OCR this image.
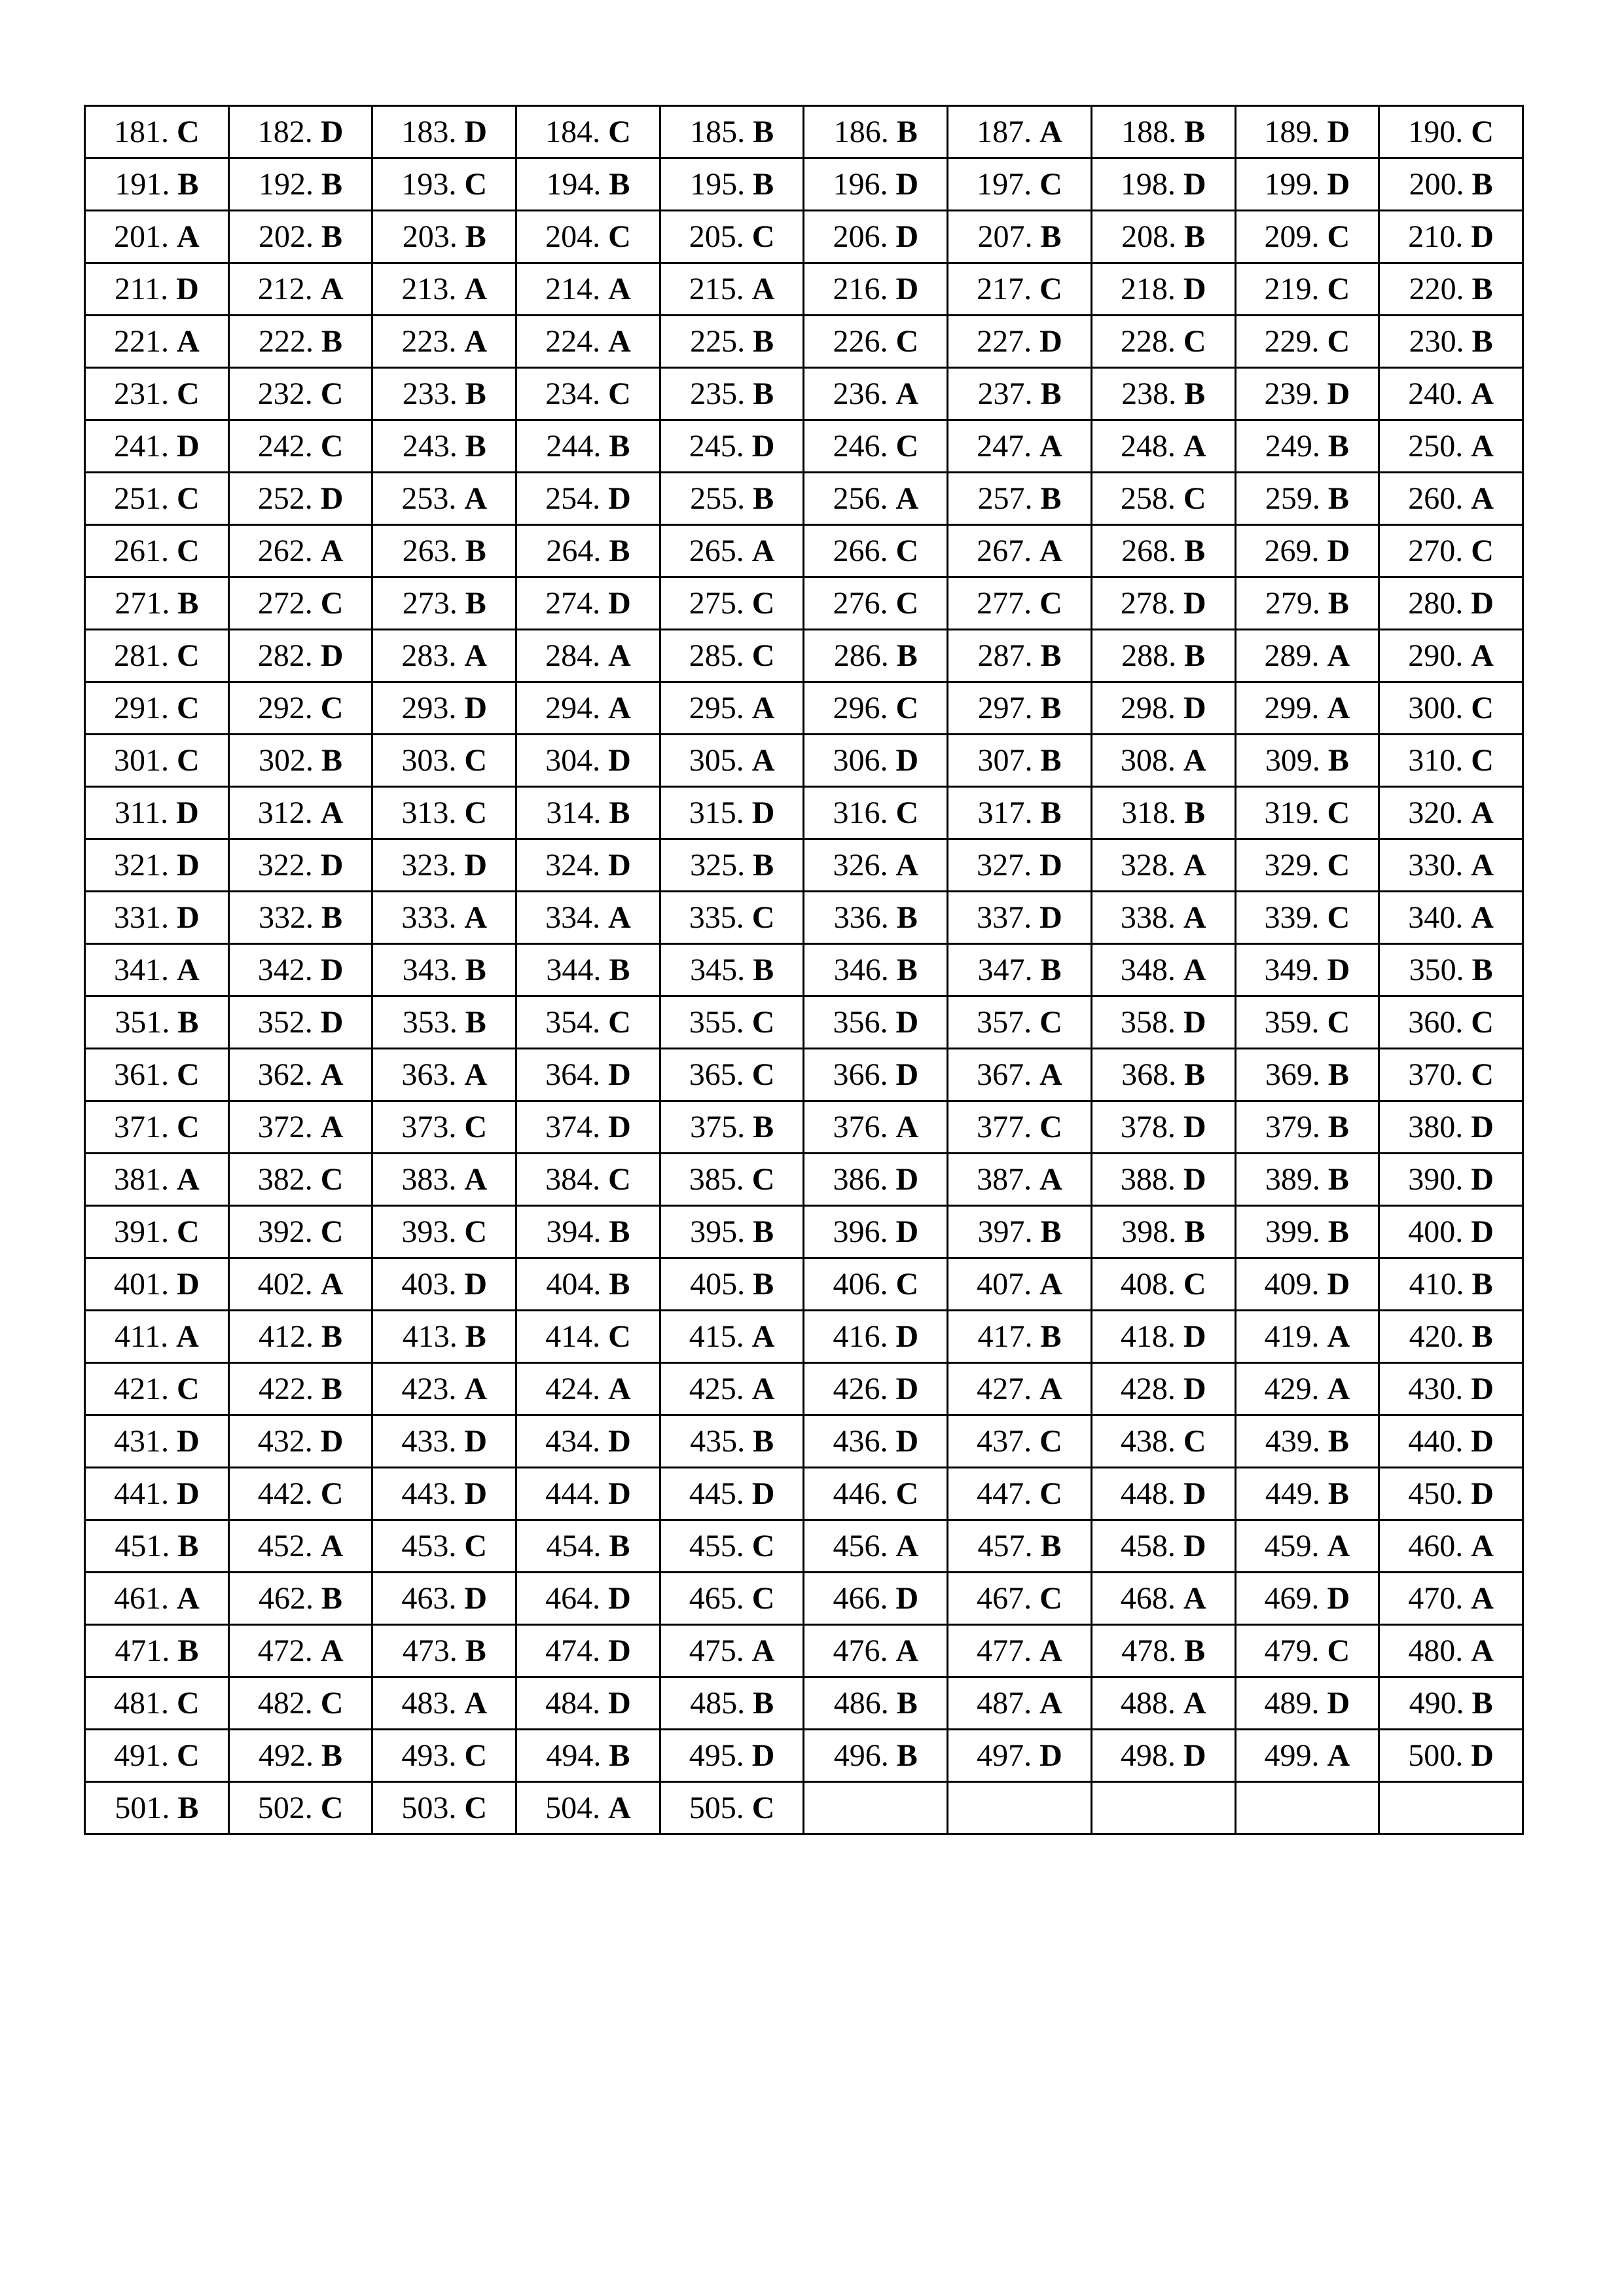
181. C	182. D	183. D	184. C	185. B	186. B	187. A	188. B	189. D	190. C
191. B	192. B	193. C	194. B	195. B	196. D	197. C	198. D	199. D	200. B
201. A	202. B	203. B	204. C	205. C	206. D	207. B	208. B	209. C	210. D
211. D	212. A	213. A	214. A	215. A	216. D	217. C	218. D	219. C	220. B
221. A	222. B	223. A	224. A	225. B	226. C	227. D	228. C	229. C	230. B
231. C	232. C	233. B	234. C	235. B	236. A	237. B	238. B	239. D	240. A
241. D	242. C	243. B	244. B	245. D	246. C	247. A	248. A	249. B	250. A
251. C	252. D	253. A	254. D	255. B	256. A	257. B	258. C	259. B	260. A
261. C	262. A	263. B	264. B	265. A	266. C	267. A	268. B	269. D	270. C
271. B	272. C	273. B	274. D	275. C	276. C	277. C	278. D	279. B	280. D
281. C	282. D	283. A	284. A	285. C	286. B	287. B	288. B	289. A	290. A
291. C	292. C	293. D	294. A	295. A	296. C	297. B	298. D	299. A	300. C
301. C	302. B	303. C	304. D	305. A	306. D	307. B	308. A	309. B	310. C
311. D	312. A	313. C	314. B	315. D	316. C	317. B	318. B	319. C	320. A
321. D	322. D	323. D	324. D	325. B	326. A	327. D	328. A	329. C	330. A
331. D	332. B	333. A	334. A	335. C	336. B	337. D	338. A	339. C	340. A
341. A	342. D	343. B	344. B	345. B	346. B	347. B	348. A	349. D	350. B
351. B	352. D	353. B	354. C	355. C	356. D	357. C	358. D	359. C	360. C
361. C	362. A	363. A	364. D	365. C	366. D	367. A	368. B	369. B	370. C
371. C	372. A	373. C	374. D	375. B	376. A	377. C	378. D	379. B	380. D
381. A	382. C	383. A	384. C	385. C	386. D	387. A	388. D	389. B	390. D
391. C	392. C	393. C	394. B	395. B	396. D	397. B	398. B	399. B	400. D
401. D	402. A	403. D	404. B	405. B	406. C	407. A	408. C	409. D	410. B
411. A	412. B	413. B	414. C	415. A	416. D	417. B	418. D	419. A	420. B
421. C	422. B	423. A	424. A	425. A	426. D	427. A	428. D	429. A	430. D
431. D	432. D	433. D	434. D	435. B	436. D	437. C	438. C	439. B	440. D
441. D	442. C	443. D	444. D	445. D	446. C	447. C	448. D	449. B	450. D
451. B	452. A	453. C	454. B	455. C	456. A	457. B	458. D	459. A	460. A
461. A	462. B	463. D	464. D	465. C	466. D	467. C	468. A	469. D	470. A
471. B	472. A	473. B	474. D	475. A	476. A	477. A	478. B	479. C	480. A
481. C	482. C	483. A	484. D	485. B	486. B	487. A	488. A	489. D	490. B
491. C	492. B	493. C	494. B	495. D	496. B	497. D	498. D	499. A	500. D
501. B	502. C	503. C	504. A	505. C					
